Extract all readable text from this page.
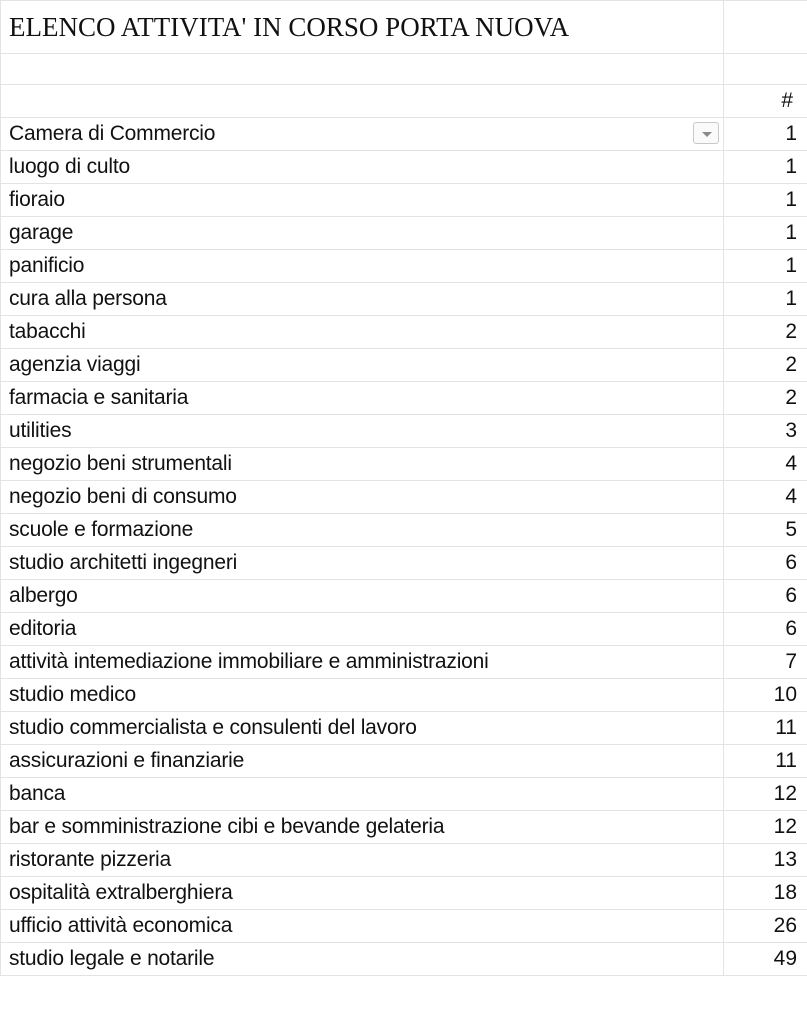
ELENCO ATTIVITA' IN CORSO PORTA NUOVA	

	#
Camera di Commercio	1
luogo di culto	1
fioraio	1
garage	1
panificio	1
cura alla persona	1
tabacchi	2
agenzia viaggi	2
farmacia e sanitaria	2
utilities	3
negozio beni strumentali	4
negozio beni di consumo	4
scuole e formazione	5
studio architetti ingegneri	6
albergo	6
editoria	6
attività intemediazione immobiliare e amministrazioni	7
studio medico	10
studio commercialista e consulenti del lavoro	11
assicurazioni e finanziarie	11
banca	12
bar e somministrazione cibi e bevande gelateria	12
ristorante pizzeria	13
ospitalità extralberghiera	18
ufficio attività economica	26
studio legale e notarile	49
